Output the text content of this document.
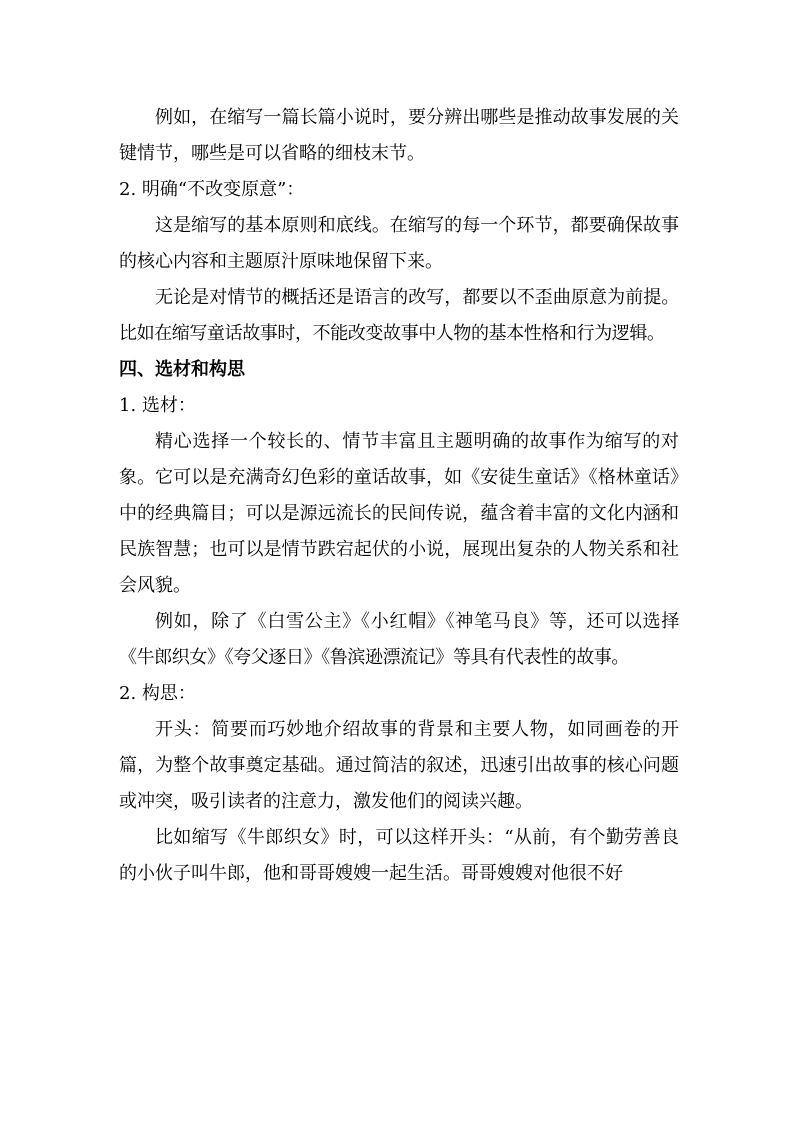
例如，在缩写一篇长篇小说时，要分辨出哪些是推动故事发展的关键情节，哪些是可以省略的细枝末节。

2. 明确“不改变原意”：

这是缩写的基本原则和底线。在缩写的每一个环节，都要确保故事的核心内容和主题原汁原味地保留下来。

无论是对情节的概括还是语言的改写，都要以不歪曲原意为前提。比如在缩写童话故事时，不能改变故事中人物的基本性格和行为逻辑。

四、选材和构思

1. 选材：

精心选择一个较长的、情节丰富且主题明确的故事作为缩写的对象。它可以是充满奇幻色彩的童话故事，如《安徒生童话》《格林童话》中的经典篇目；可以是源远流长的民间传说，蕴含着丰富的文化内涵和民族智慧；也可以是情节跌宕起伏的小说，展现出复杂的人物关系和社会风貌。

例如，除了《白雪公主》《小红帽》《神笔马良》等，还可以选择《牛郎织女》《夸父逐日》《鲁滨逊漂流记》等具有代表性的故事。

2. 构思：

开头：简要而巧妙地介绍故事的背景和主要人物，如同画卷的开篇，为整个故事奠定基础。通过简洁的叙述，迅速引出故事的核心问题或冲突，吸引读者的注意力，激发他们的阅读兴趣。

比如缩写《牛郎织女》时，可以这样开头：“从前，有个勤劳善良的小伙子叫牛郎，他和哥哥嫂嫂一起生活。哥哥嫂嫂对他很不好
